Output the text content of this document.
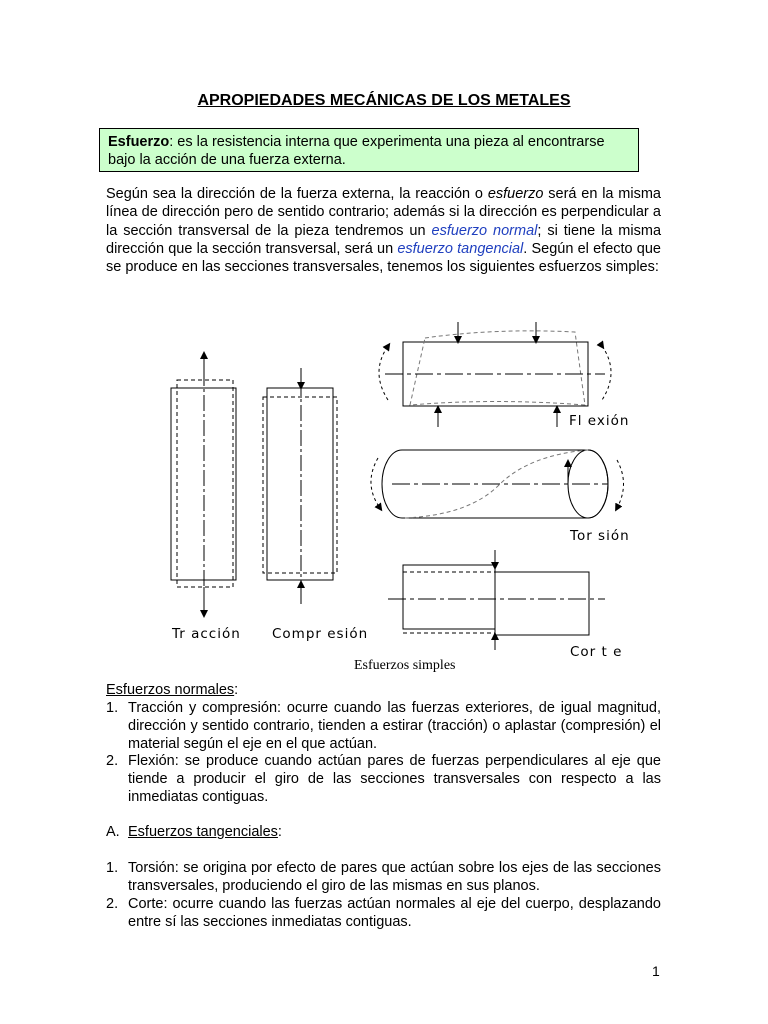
APROPIEDADES MECÁNICAS DE LOS METALES
Esfuerzo: es la resistencia interna que experimenta una pieza al encontrarse bajo la acción de una fuerza externa.
Según sea la dirección de la fuerza externa, la reacción o esfuerzo será en la misma línea de dirección pero de sentido contrario; además si la dirección es perpendicular a la sección transversal de la pieza tendremos un esfuerzo normal; si tiene la misma dirección que la sección transversal, será un esfuerzo tangencial. Según el efecto que se produce en las secciones transversales, tenemos los siguientes esfuerzos simples:
Tr acción Compr esión
Fl exión
Tor sión
Cor t e
Esfuerzos simples
Esfuerzos normales:
1. Tracción y compresión: ocurre cuando las fuerzas exteriores, de igual magnitud, dirección y sentido contrario, tienden a estirar (tracción) o aplastar (compresión) el material según el eje en el que actúan.
2. Flexión: se produce cuando actúan pares de fuerzas perpendiculares al eje que tiende a producir el giro de las secciones transversales con respecto a las inmediatas contiguas.
A. Esfuerzos tangenciales:
1. Torsión: se origina por efecto de pares que actúan sobre los ejes de las secciones transversales, produciendo el giro de las mismas en sus planos.
2. Corte: ocurre cuando las fuerzas actúan normales al eje del cuerpo, desplazando entre sí las secciones inmediatas contiguas.
1
